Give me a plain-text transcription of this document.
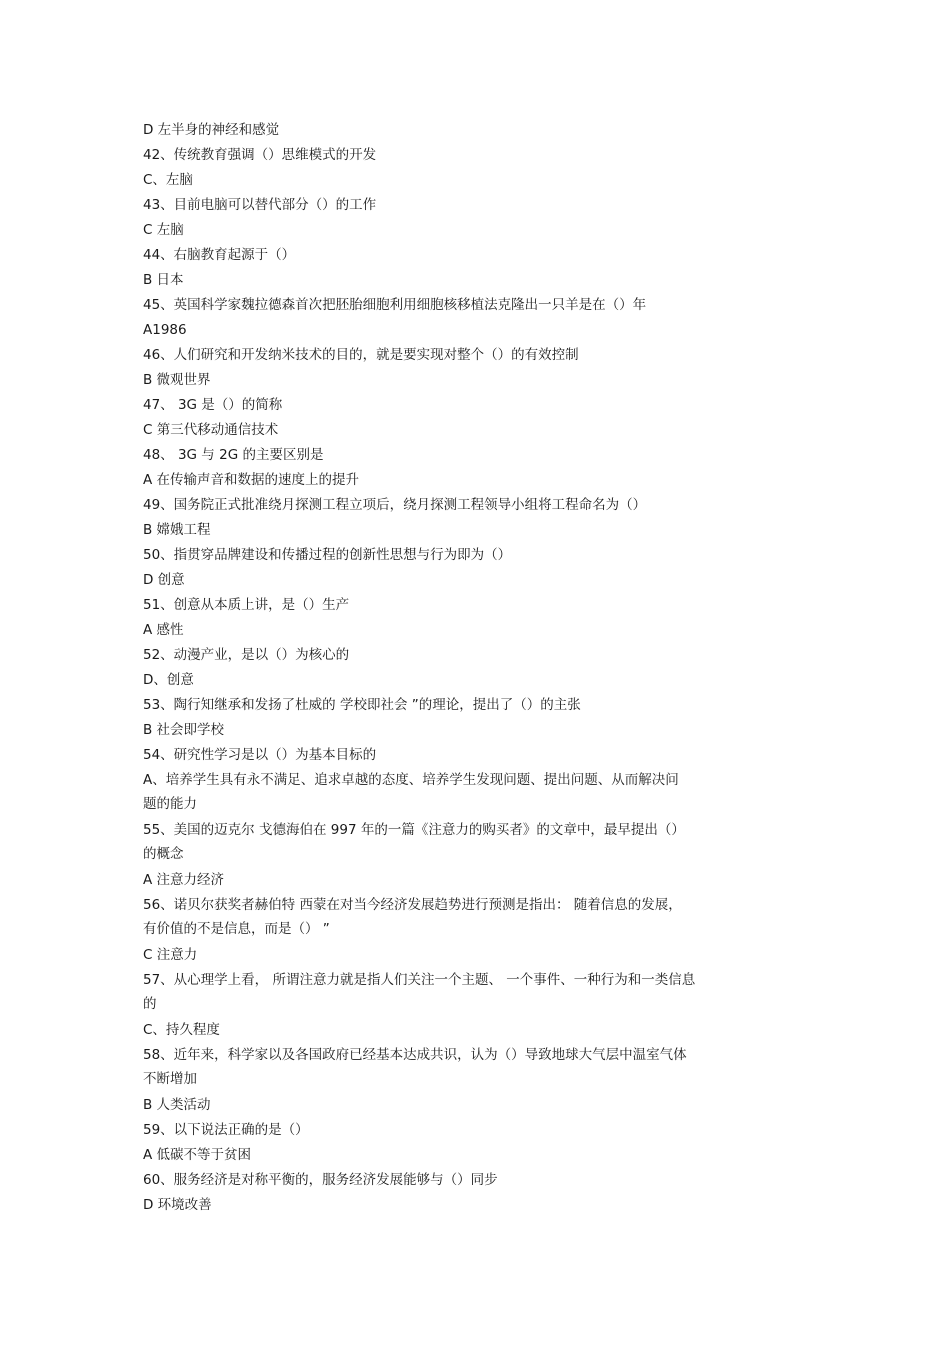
D 左半身的神经和感觉
42、传统教育强调（）思维模式的开发
C、左脑
43、目前电脑可以替代部分（）的工作
C 左脑
44、右脑教育起源于（）
B 日本
45、英国科学家魏拉德森首次把胚胎细胞利用细胞核移植法克隆出一只羊是在（）年
A1986
46、人们研究和开发纳米技术的目的，就是要实现对整个（）的有效控制
B 微观世界
47、 3G 是（）的简称
C 第三代移动通信技术
48、 3G 与 2G 的主要区别是
A 在传输声音和数据的速度上的提升
49、国务院正式批准绕月探测工程立项后，绕月探测工程领导小组将工程命名为（）
B 嫦娥工程
50、指贯穿品牌建设和传播过程的创新性思想与行为即为（）
D 创意
51、创意从本质上讲，是（）生产
A 感性
52、动漫产业，是以（）为核心的
D、创意
53、陶行知继承和发扬了杜威的 学校即社会 ”的理论，提出了（）的主张
B 社会即学校
54、研究性学习是以（）为基本目标的
A、培养学生具有永不满足、追求卓越的态度、培养学生发现问题、提出问题、从而解决问
题的能力
55、美国的迈克尔 戈德海伯在 997 年的一篇《注意力的购买者》的文章中，最早提出（）
的概念
A 注意力经济
56、诺贝尔获奖者赫伯特 西蒙在对当今经济发展趋势进行预测是指出： 随着信息的发展，
有价值的不是信息，而是（） ”
C 注意力
57、从心理学上看， 所谓注意力就是指人们关注一个主题、 一个事件、一种行为和一类信息
的
C、持久程度
58、近年来，科学家以及各国政府已经基本达成共识，认为（）导致地球大气层中温室气体
不断增加
B 人类活动
59、以下说法正确的是（）
A 低碳不等于贫困
60、服务经济是对称平衡的，服务经济发展能够与（）同步
D 环境改善
